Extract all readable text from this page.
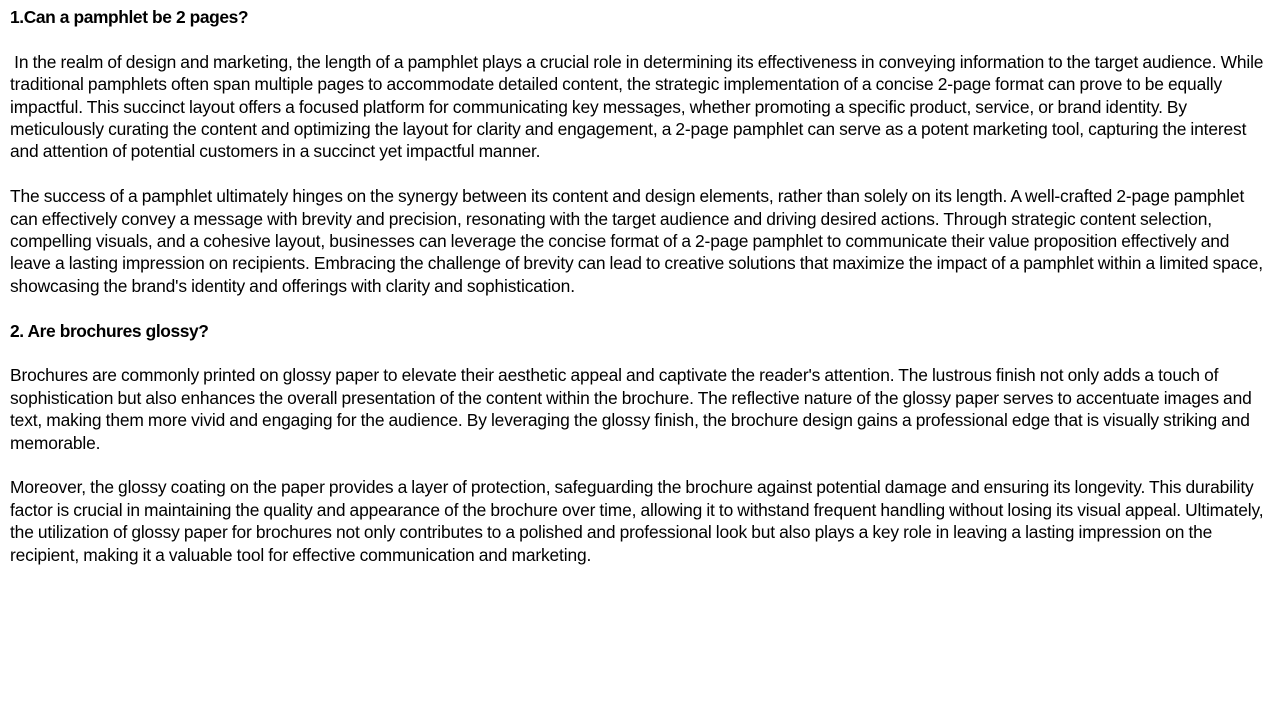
1.Can a pamphlet be 2 pages?
In the realm of design and marketing, the length of a pamphlet plays a crucial role in determining its effectiveness in conveying information to the target audience. While traditional pamphlets often span multiple pages to accommodate detailed content, the strategic implementation of a concise 2-page format can prove to be equally impactful. This succinct layout offers a focused platform for communicating key messages, whether promoting a specific product, service, or brand identity. By meticulously curating the content and optimizing the layout for clarity and engagement, a 2-page pamphlet can serve as a potent marketing tool, capturing the interest and attention of potential customers in a succinct yet impactful manner.
The success of a pamphlet ultimately hinges on the synergy between its content and design elements, rather than solely on its length. A well-crafted 2-page pamphlet can effectively convey a message with brevity and precision, resonating with the target audience and driving desired actions. Through strategic content selection, compelling visuals, and a cohesive layout, businesses can leverage the concise format of a 2-page pamphlet to communicate their value proposition effectively and leave a lasting impression on recipients. Embracing the challenge of brevity can lead to creative solutions that maximize the impact of a pamphlet within a limited space, showcasing the brand's identity and offerings with clarity and sophistication.
2. Are brochures glossy?
Brochures are commonly printed on glossy paper to elevate their aesthetic appeal and captivate the reader's attention. The lustrous finish not only adds a touch of sophistication but also enhances the overall presentation of the content within the brochure. The reflective nature of the glossy paper serves to accentuate images and text, making them more vivid and engaging for the audience. By leveraging the glossy finish, the brochure design gains a professional edge that is visually striking and memorable.
Moreover, the glossy coating on the paper provides a layer of protection, safeguarding the brochure against potential damage and ensuring its longevity. This durability factor is crucial in maintaining the quality and appearance of the brochure over time, allowing it to withstand frequent handling without losing its visual appeal. Ultimately, the utilization of glossy paper for brochures not only contributes to a polished and professional look but also plays a key role in leaving a lasting impression on the recipient, making it a valuable tool for effective communication and marketing.
